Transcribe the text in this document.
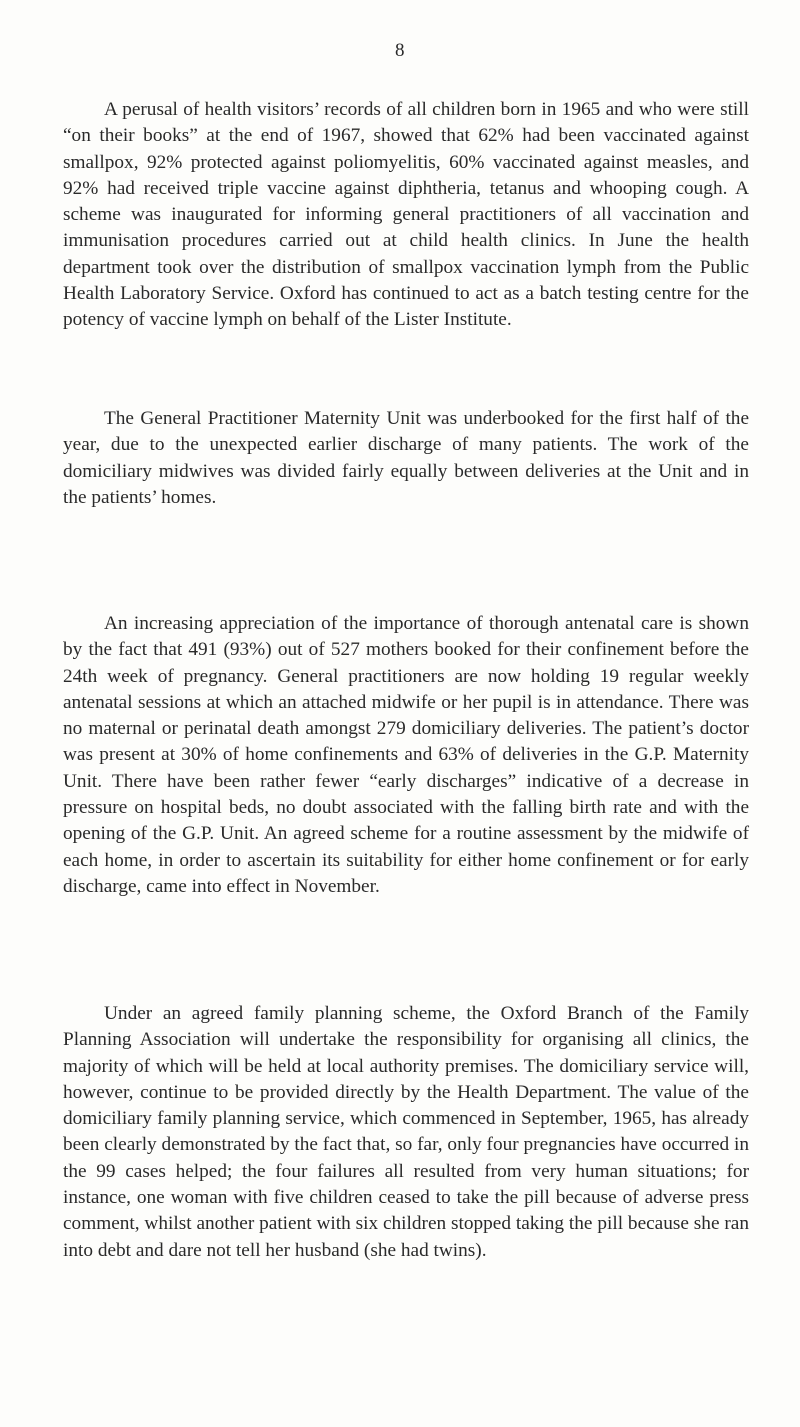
8

A perusal of health visitors’ records of all children born in 1965 and who were still “on their books” at the end of 1967, showed that 62% had been vaccinated against smallpox, 92% protected against poliomyelitis, 60% vaccinated against measles, and 92% had received triple vaccine against diphtheria, tetanus and whooping cough. A scheme was inaugurated for informing general practitioners of all vaccination and immunisation procedures carried out at child health clinics. In June the health department took over the distribution of smallpox vaccination lymph from the Public Health Laboratory Service. Oxford has continued to act as a batch testing centre for the potency of vaccine lymph on behalf of the Lister Institute.

The General Practitioner Maternity Unit was underbooked for the first half of the year, due to the unexpected earlier discharge of many patients. The work of the domiciliary midwives was divided fairly equally between deliveries at the Unit and in the patients’ homes.

An increasing appreciation of the importance of thorough antenatal care is shown by the fact that 491 (93%) out of 527 mothers booked for their confinement before the 24th week of pregnancy. General practitioners are now holding 19 regular weekly antenatal sessions at which an attached midwife or her pupil is in attendance. There was no maternal or perinatal death amongst 279 domiciliary deliveries. The patient’s doctor was present at 30% of home confinements and 63% of deliveries in the G.P. Maternity Unit. There have been rather fewer “early discharges” indicative of a decrease in pressure on hospital beds, no doubt associated with the falling birth rate and with the opening of the G.P. Unit. An agreed scheme for a routine assessment by the midwife of each home, in order to ascertain its suitability for either home confinement or for early discharge, came into effect in November.

Under an agreed family planning scheme, the Oxford Branch of the Family Planning Association will undertake the responsibility for organising all clinics, the majority of which will be held at local authority premises. The domiciliary service will, however, continue to be provided directly by the Health Department. The value of the domiciliary family planning service, which commenced in September, 1965, has already been clearly demonstrated by the fact that, so far, only four pregnancies have occurred in the 99 cases helped; the four failures all resulted from very human situations; for instance, one woman with five children ceased to take the pill because of adverse press comment, whilst another patient with six children stopped taking the pill because she ran into debt and dare not tell her husband (she had twins).
